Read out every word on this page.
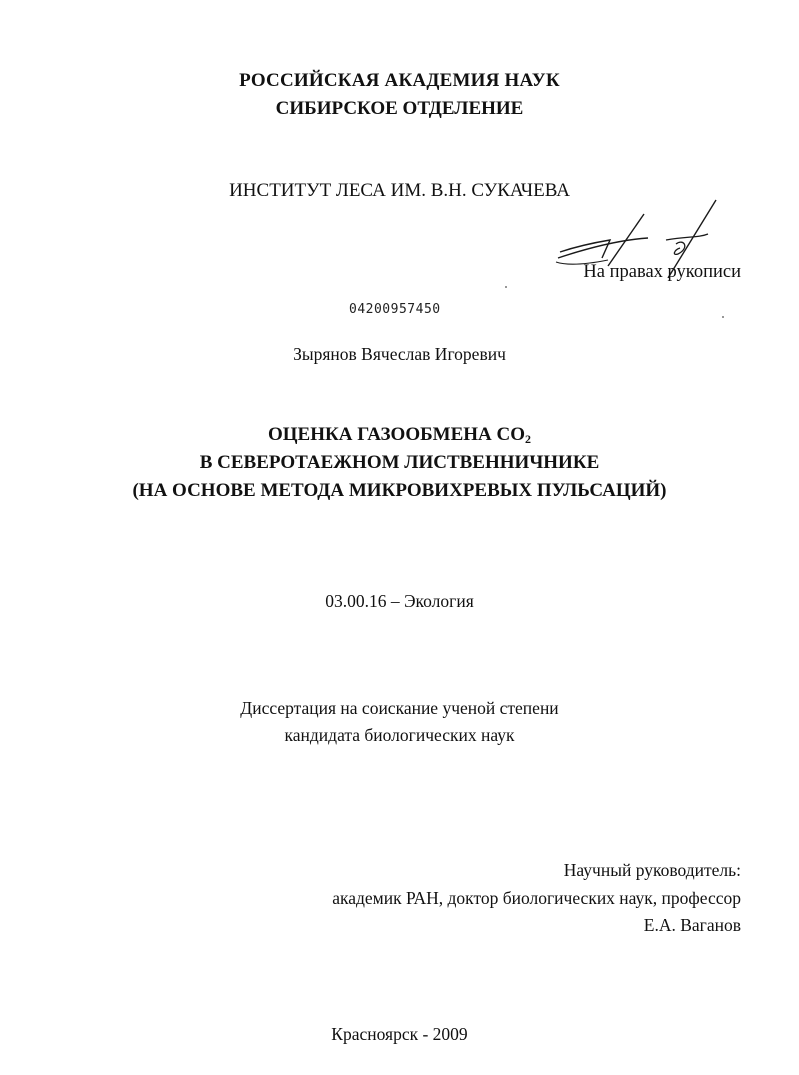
РОССИЙСКАЯ АКАДЕМИЯ НАУК
СИБИРСКОЕ ОТДЕЛЕНИЕ
ИНСТИТУТ ЛЕСА ИМ. В.Н. СУКАЧЕВА
На правах рукописи
04200957450
Зырянов Вячеслав Игоревич
ОЦЕНКА ГАЗООБМЕНА $СО_2$
В СЕВЕРОТАЕЖНОМ ЛИСТВЕННИЧНИКЕ
(НА ОСНОВЕ МЕТОДА МИКРОВИХРЕВЫХ ПУЛЬСАЦИЙ)
03.00.16 – Экология
Диссертация на соискание ученой степени
кандидата биологических наук
Научный руководитель:
академик РАН, доктор биологических наук, профессор
Е.А. Ваганов
Красноярск - 2009
